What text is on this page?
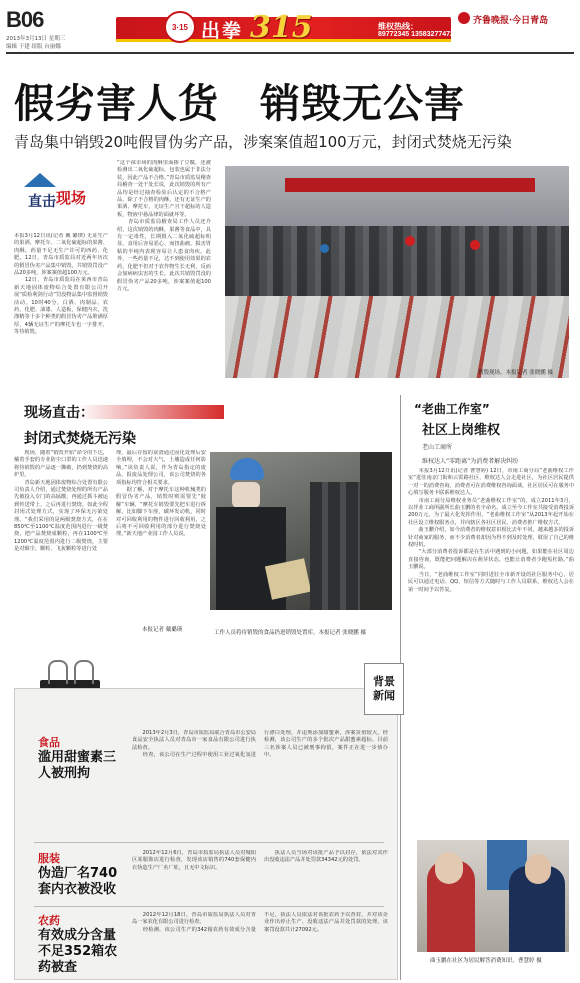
B06
2013年3月13日 星期三
编辑 于建 组版 台丽娜
3·15 出拳 315	维权热线：
89772345 13583277472
齐鲁晚报·今日青岛
假劣害人货　销毁无公害
青岛集中销毁20吨假冒伪劣产品，涉案案值超100万元，封闭式焚烧无污染
直击 现场
本报3月12日讯(记者 戴 璐瑛) 无证生产的果酒、摩托车、二氧化硫超标的果酱、肉酥，药量不足无生产许可的西药、化肥。12日，青岛市质监局对近两年历次的假冒伪劣产品集中销毁，共销毁罚没产品20多吨，涉案案值超100万元。
　　12日，青岛市质监局在莱西市青岛新天地固体废物综合处置有限公司开展“质检利剑行动”罚没物品集中监督销毁活动。10时40分，白酒、肉制品、农药、化肥、油漆、人造板，保健内衣，洗涤精等十多个种类的假冒伪劣产品堆满厚厚，4辆无证生产的摩托车也一字排开，等待销毁。
“这个袜市场的肉酥里面掺了豆腐，还被检测出二氧化硫超标，包装也属于非法分装，因此产品不合格。”青岛市质监局稽查局稽查一处干处长说，此次销毁的所有产品均是经过抽查检验后认定的不合格产品，除了不合格的肉酥，还有无证生产的果酒、摩托车，无证生产且干超标的人造板，物液中悬品律的面就坏等。
　　青岛市质监局稽查局工作人员还介绍，这次销毁的肉酥，果酱等食品中，具有一定毒性，长期摄入二氧化硫超标明显，食用后容易恶心、而扭曲痛，损害胃粘的半纯内表现容易让人患食肉疾。此外，一些药量不足，达不到使用效果的农药，化肥不但对于农作物生长无利，反而会加病病虫害的生长。此次共销毁罚没的假冒伪劣产品20多吨，涉案案值超100万元。
销毁现场。本报记者 张晓鹏 摄
现场直击：
封闭式焚烧无污染
　　现场，随着“销毁开始”命令的下达，戴着手套的专业防尘口罩的工作人员迅速将待销毁的产品逐一撕破，扔到焚烧的高炉里。
　　青岛新天地固体废物综合处置有限公司负责人介绍，通过焚烧处理的所有产品先被投入专门的高锰酸，再通过抓斗被运到传送带上，之后再进行焚烧。如此全程封闭式处理方式，实现了环保无污染处理。“我们采用的是两级焚烧方式，在在850℃至1100℃温度范围内进行一级焚烧，把产品焚烧成颗粒，再在1100℃至1200℃温度范围内进行二级焚烧，主要是对烟尘、颗粒、飞灰颗粒等进行处
理，最后存留的灰渣通过固化处理后安全填埋，不会对大气，土壤造成任何影响。”该负责人说，作为青岛指定的废品，报废品处理公司，该公司焚烧的各项指标均符合相关要求。
　　据了解，对于摩托车这种机械类的假冒伪劣产品，销毁时则需要先“肢解”车辆，“摩托车销毁要先把车进行拆解，比如脚下车座，碳环发动机，同时对可回收利用的物件进行回收利用，之后将不可回收利用的部分进行焚烧处理。”新天地产业园工作人员说。
本报记者 戴璐瑛	工作人员将待销毁的食品扔进销毁处置库。本报记者 张晓鹏 摄
“老曲工作室”
社区上岗维权
老山工商所
维权达人“零距离”为消费者解决纠纷
　　本报3月12日讯(记者 曹慧婷) 12日，市南工商分局“老曲维权工作室”进驻南京门街和云霄路社区，维权达人会走进社区，为社区居民提供一对一的消费咨询，消费者可在消费维权咨询面谈，社区居民可在服务中心填写服务卡联系维权达人。
　　市南工商分局维权业务员“老曲维权工作室”的，成立2011年3月，以伴业工商所副所长曲玉鹏的名字命名。成立至今工作室共接受消费投诉200万元，为了最大化发挥作用，“老曲维权工作室”从2013年起开始在社区设立维权服务点，并向辖区各社区居民、消费者推广维权方式。
　　曲玉鹏介绍，如今消费者的维权意识相比去年不同，越来越多的投诉针对商家的服务，而不少消费者却因为得不到及时处理，耽误了自己的维权时机。
　　“大部分消费者投诉都是在生活中遇到的小问题，如果能在社区周边直接咨询，既能把问题解决在萌芽状态，也能让消费者少跑冤枉路。”曲玉鹏说。
　　当日，“老曲维权工作室”同时进驻全市新开设的社区服务中心，居民可以通过电话、QQ、短信等方式随时与工作人员联系，维权达人会在第一时间予以答复。
曲玉鹏在社区为居民解答消费知识。曹慧婷 摄
背景新闻
食品
滥用甜蜜素三人被刑拘
　　2013年2月3日，青岛市质监局联合青岛市公安局食品安全执法人员对青岛市一家食品有限公司进行执法检查。
　　经查，该公司在生产过程中使用工业过氧化氢进行漂白处理，并违规添加甜蜜素，涉案货值较大，经检测，该公司生产的多个批次产品甜蜜素超标，目前三名涉案人员已被刑事拘留，案件正在进一步侦办中。
服装
伪造厂名740套内衣被没收
　　2012年12月6日，青岛市质监局执法人员对城阳区某服饰店进行检查，发现该店销售的740套保健内衣伪造生产厂名厂址，且无中文标识。
　　执法人员当场对该批产品予以封存，依法对其作出没收违法产品并处罚款34342元的处罚。
农药
有效成分含量不足352箱农药被查
　　2012年12月18日，青岛市质监局执法人员对青岛一家农化有限公司进行检查。
　　经检测，该公司生产的342箱农药有效成分含量不足，执法人员依法对该批农药予以查封，并对该企业作出停止生产、没收违法产品并处罚款的处理，该案罚没款共计27092元。
